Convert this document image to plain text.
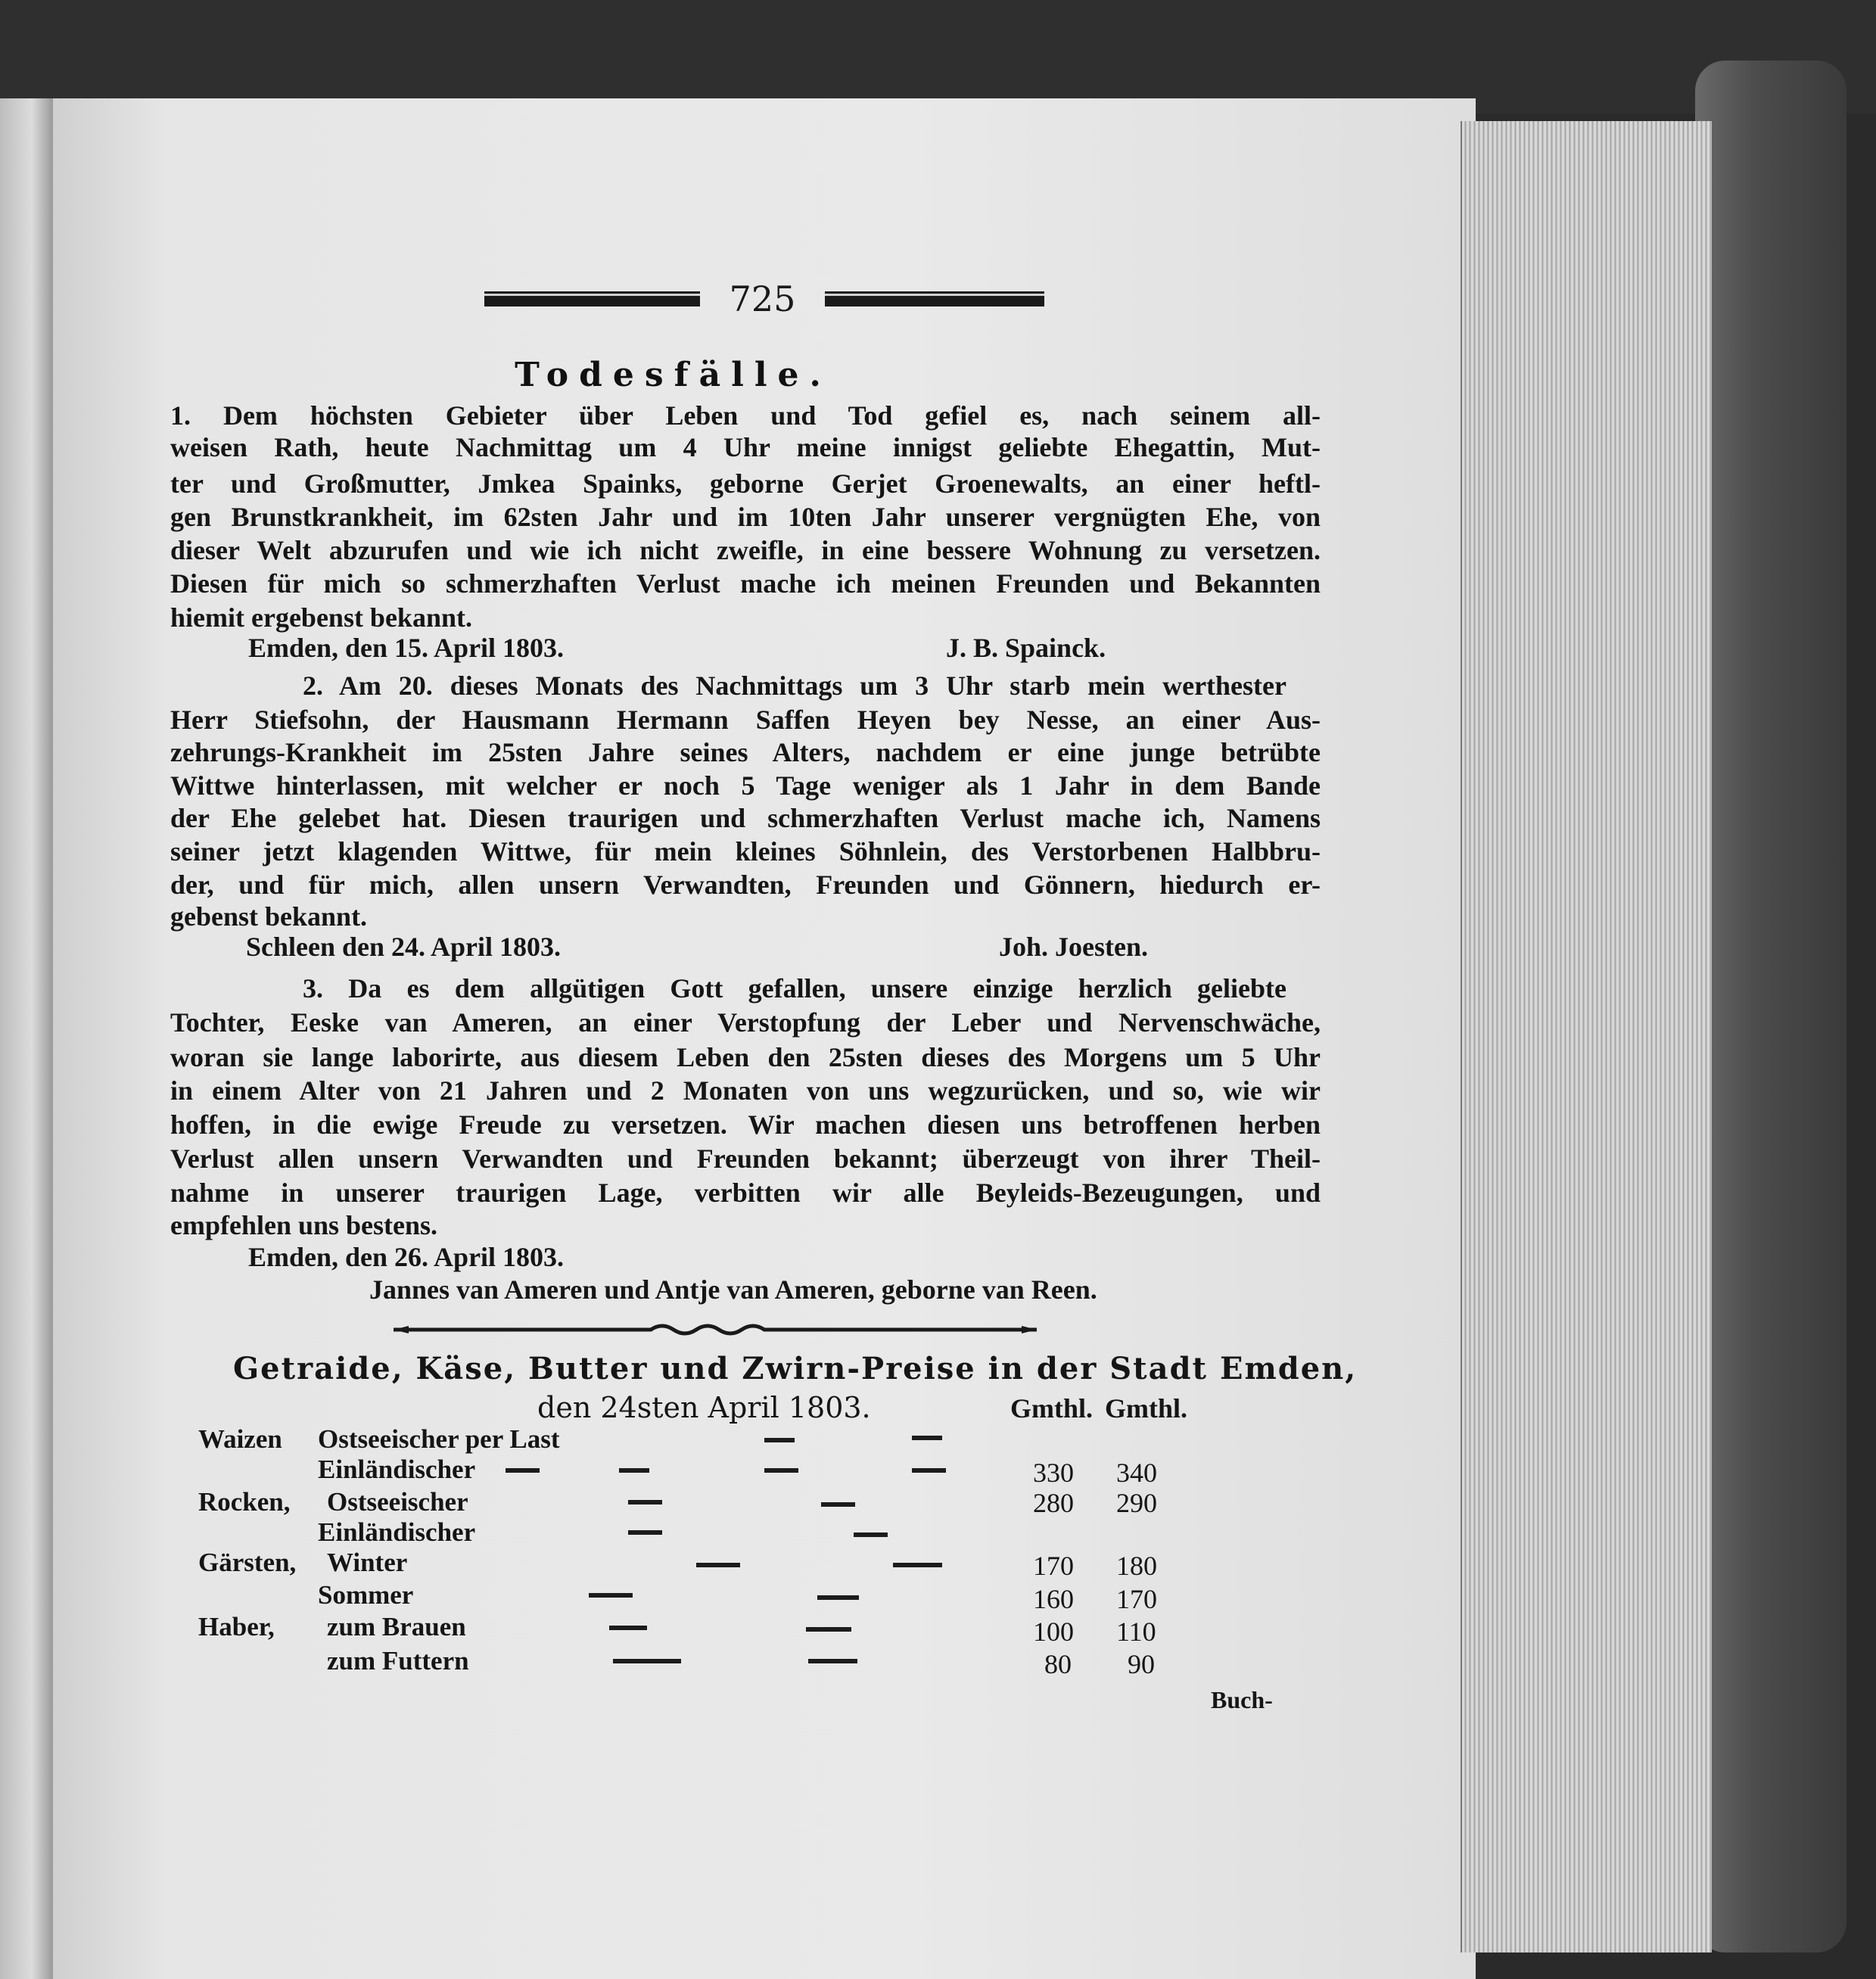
725
Todesfälle.
1. Dem höchsten Gebieter über Leben und Tod gefiel es, nach seinem all-
weisen Rath, heute Nachmittag um 4 Uhr meine innigst geliebte Ehegattin, Mut-
ter und Großmutter, Jmkea Spainks, geborne Gerjet Groenewalts, an einer heftl-
gen Brunstkrankheit, im 62sten Jahr und im 10ten Jahr unserer vergnügten Ehe, von
dieser Welt abzurufen und wie ich nicht zweifle, in eine bessere Wohnung zu versetzen.
Diesen für mich so schmerzhaften Verlust mache ich meinen Freunden und Bekannten
hiemit ergebenst bekannt.
Emden, den 15. April 1803.	J. B. Spainck.
2. Am 20. dieses Monats des Nachmittags um 3 Uhr starb mein werthester
Herr Stiefsohn, der Hausmann Hermann Saffen Heyen bey Nesse, an einer Aus-
zehrungs-Krankheit im 25sten Jahre seines Alters, nachdem er eine junge betrübte
Wittwe hinterlassen, mit welcher er noch 5 Tage weniger als 1 Jahr in dem Bande
der Ehe gelebet hat. Diesen traurigen und schmerzhaften Verlust mache ich, Namens
seiner jetzt klagenden Wittwe, für mein kleines Söhnlein, des Verstorbenen Halbbru-
der, und für mich, allen unsern Verwandten, Freunden und Gönnern, hiedurch er-
gebenst bekannt.
Schleen den 24. April 1803.	Joh. Joesten.
3. Da es dem allgütigen Gott gefallen, unsere einzige herzlich geliebte
Tochter, Eeske van Ameren, an einer Verstopfung der Leber und Nervenschwäche,
woran sie lange laborirte, aus diesem Leben den 25sten dieses des Morgens um 5 Uhr
in einem Alter von 21 Jahren und 2 Monaten von uns wegzurücken, und so, wie wir
hoffen, in die ewige Freude zu versetzen. Wir machen diesen uns betroffenen herben
Verlust allen unsern Verwandten und Freunden bekannt; überzeugt von ihrer Theil-
nahme in unserer traurigen Lage, verbitten wir alle Beyleids-Bezeugungen, und
empfehlen uns bestens.
Emden, den 26. April 1803.
Jannes van Ameren und Antje van Ameren, geborne van Reen.
Getraide, Käse, Butter und Zwirn-Preise in der Stadt Emden,
den 24sten April 1803.	Gmthl. Gmthl.
Waizen Ostseeischer per Last
Einländischer	330 340
Rocken, Ostseeischer	280 290
Einländischer
Gärsten, Winter	170 180
Sommer	160 170
Haber, zum Brauen	100 110
zum Futtern	80 90
Buch-
